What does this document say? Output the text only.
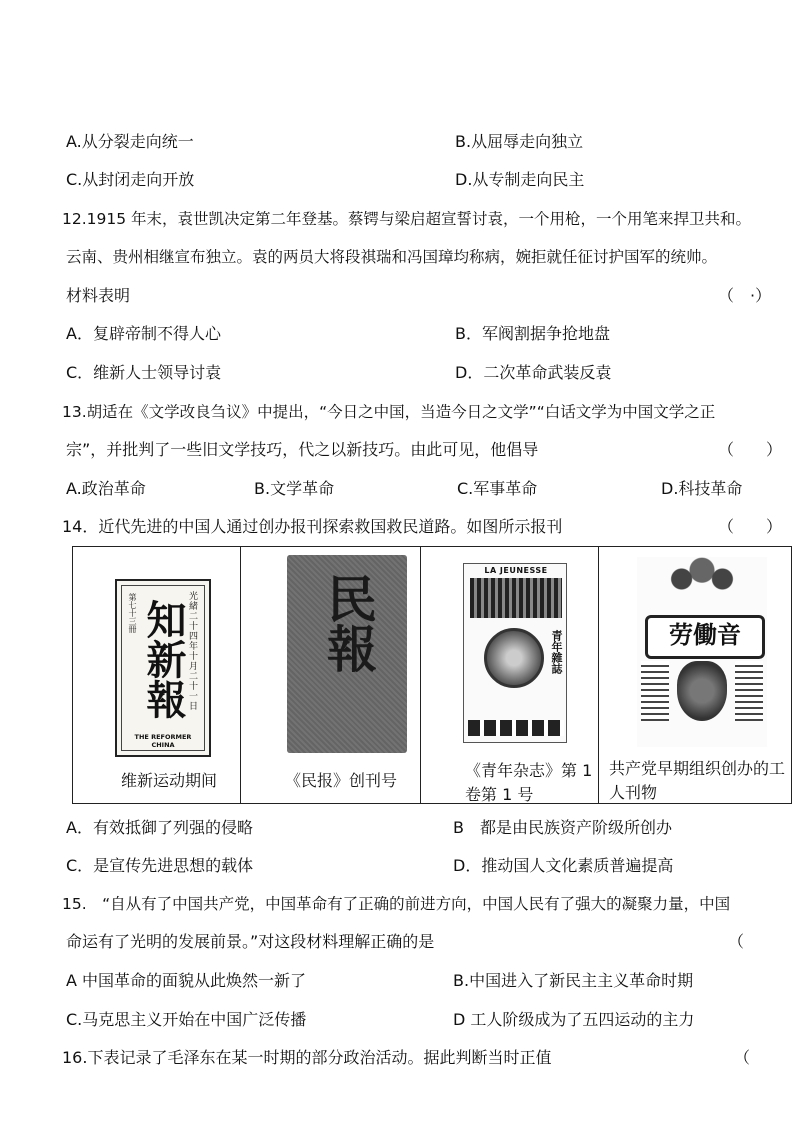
A.从分裂走向统一	B.从屈辱走向独立
C.从封闭走向开放	D.从专制走向民主
12.1915 年末，袁世凯决定第二年登基。蔡锷与梁启超宣誓讨袁，一个用枪，一个用笔来捍卫共和。
云南、贵州相继宣布独立。袁的两员大将段祺瑞和冯国璋均称病，婉拒就任征讨护国军的统帅。
材料表明	（　·）
A．复辟帝制不得人心	B．军阀割据争抢地盘
C．维新人士领导讨袁	D．二次革命武装反袁
13.胡适在《文学改良刍议》中提出，“今日之中国，当造今日之文学”“白话文学为中国文学之正
宗”，并批判了一些旧文学技巧，代之以新技巧。由此可见，他倡导	（　　）
A.政治革命	B.文学革命	C.军事革命	D.科技革命
14．近代先进的中国人通过创办报刊探索救国救民道路。如图所示报刊	（　　）
光緒二十四年十月二十一日
第七十三冊 知新報
THE REFORMER CHINA
维新运动期间
民報
《民报》创刊号
LA JEUNESSE
青年雜誌
《青年杂志》第 1 卷第 1 号
劳働音
共产党早期组织创办的工人刊物
A．有效抵御了列强的侵略	B　都是由民族资产阶级所创办
C．是宣传先进思想的载体	D．推动国人文化素质普遍提高
15.　“自从有了中国共产党，中国革命有了正确的前进方向，中国人民有了强大的凝聚力量，中国
命运有了光明的发展前景。”对这段材料理解正确的是	（
A 中国革命的面貌从此焕然一新了	B.中国进入了新民主主义革命时期
C.马克思主义开始在中国广泛传播	D 工人阶级成为了五四运动的主力
16.下表记录了毛泽东在某一时期的部分政治活动。据此判断当时正值	（
